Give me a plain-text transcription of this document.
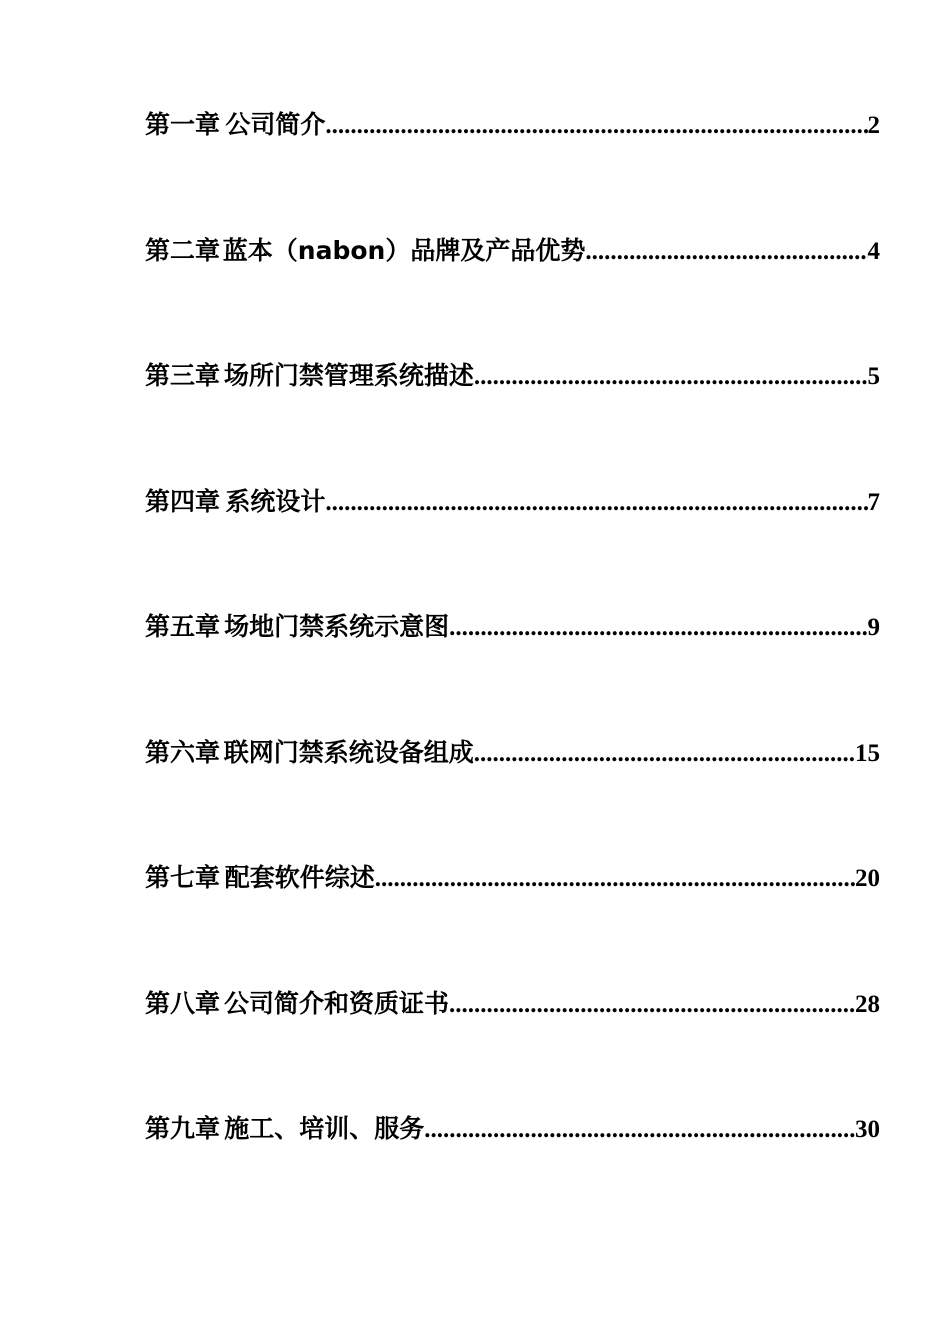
第一章 公司简介 .....	2
第二章 蓝本（nabon）品牌及产品优势 .....	4
第三章 场所门禁管理系统描述 .....	5
第四章 系统设计 .....	7
第五章 场地门禁系统示意图 .....	9
第六章 联网门禁系统设备组成 .....	15
第七章 配套软件综述 .....	20
第八章 公司简介和资质证书 .....	28
第九章 施工、培训、服务 .....	30
